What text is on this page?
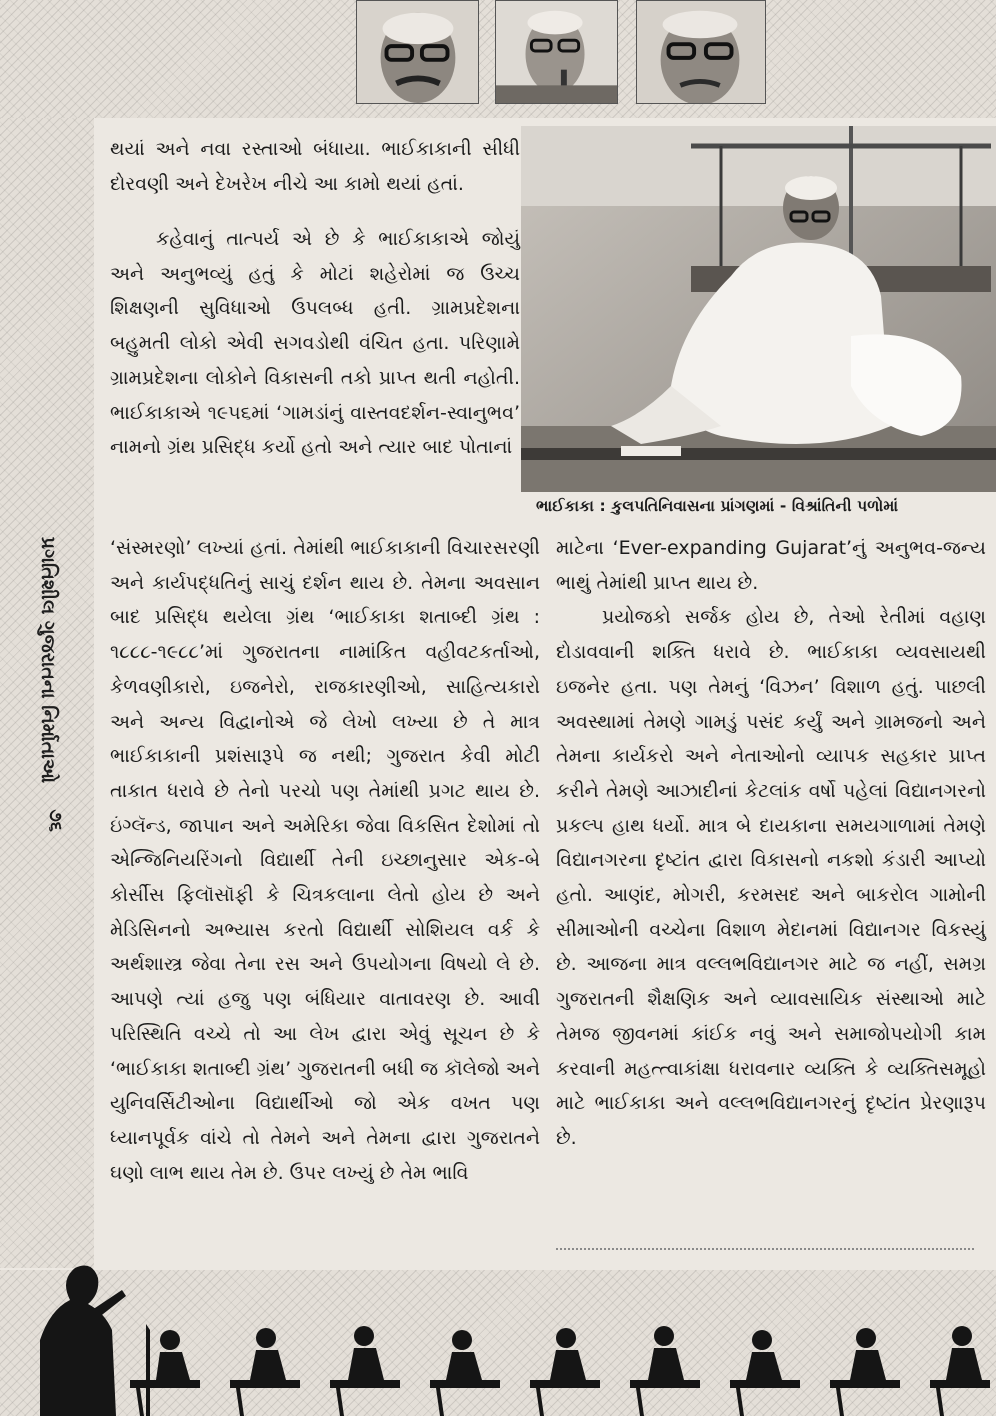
ભાઈકાકા : કુલપતિનિવાસના પ્રાંગણમાં - વિશ્રાંતિની પળોમાં

થયાં અને નવા રસ્તાઓ બંધાયા. ભાઈકાકાની સીધી દોરવણી અને દેખરેખ નીચે આ કામો થયાં હતાં.

કહેવાનું તાત્પર્ય એ છે કે ભાઈકાકાએ જોયું અને અનુભવ્યું હતું કે મોટાં શહેરોમાં જ ઉચ્ચ શિક્ષણની સુવિધાઓ ઉપલબ્ધ હતી. ગ્રામપ્રદેશના બહુમતી લોકો એવી સગવડોથી વંચિત હતા. પરિણામે ગ્રામપ્રદેશના લોકોને વિકાસની તકો પ્રાપ્ત થતી નહોતી. ભાઈકાકાએ ૧૯૫૬માં ‘ગામડાંનું વાસ્તવદર્શન-સ્વાનુભવ’ નામનો ગ્રંથ પ્રસિદ્ધ કર્યો હતો અને ત્યાર બાદ પોતાનાં

‘સંસ્મરણો’ લખ્યાં હતાં. તેમાંથી ભાઈકાકાની વિચારસરણી અને કાર્યપદ્ધતિનું સાચું દર્શન થાય છે. તેમના અવસાન બાદ પ્રસિદ્ધ થયેલા ગ્રંથ ‘ભાઈકાકા શતાબ્દી ગ્રંથ : ૧૮૮૮-૧૯૮૮’માં ગુજરાતના નામાંકિત વહીવટકર્તાઓ, કેળવણીકારો, ઇજનેરો, રાજકારણીઓ, સાહિત્યકારો અને અન્ય વિદ્વાનોએ જે લેખો લખ્યા છે તે માત્ર ભાઈકાકાની પ્રશંસારૂપે જ નથી; ગુજરાત કેવી મોટી તાકાત ધરાવે છે તેનો પરચો પણ તેમાંથી પ્રગટ થાય છે. ઇંગ્લૅન્ડ, જાપાન અને અમેરિકા જેવા વિકસિત દેશોમાં તો એન્જિનિયરિંગનો વિદ્યાર્થી તેની ઇચ્છાનુસાર એક-બે કોર્સીસ ફિલૉસૉફી કે ચિત્રકલાના લેતો હોય છે અને મેડિસિનનો અભ્યાસ કરતો વિદ્યાર્થી સોશિયલ વર્ક કે અર્થશાસ્ત્ર જેવા તેના રસ અને ઉપયોગના વિષયો લે છે. આપણે ત્યાં હજુ પણ બંધિયાર વાતાવરણ છે. આવી પરિસ્થિતિ વચ્ચે તો આ લેખ દ્વારા એવું સૂચન છે કે ‘ભાઈકાકા શતાબ્દી ગ્રંથ’ ગુજરાતની બધી જ કૉલેજો અને યુનિવર્સિટીઓના વિદ્યાર્થીઓ જો એક વખત પણ ધ્યાનપૂર્વક વાંચે તો તેમને અને તેમના દ્વારા ગુજરાતને ઘણો લાભ થાય તેમ છે. ઉપર લખ્યું છે તેમ ભાવિ

માટેના ‘Ever-expanding Gujarat’નું અનુભવ-જન્ય ભાથું તેમાંથી પ્રાપ્ત થાય છે.

પ્રયોજકો સર્જક હોય છે, તેઓ રેતીમાં વહાણ દોડાવવાની શક્તિ ધરાવે છે. ભાઈકાકા વ્યવસાયથી ઇજનેર હતા. પણ તેમનું ‘વિઝન’ વિશાળ હતું. પાછલી અવસ્થામાં તેમણે ગામડું પસંદ કર્યું અને ગ્રામજનો અને તેમના કાર્યકરો અને નેતાઓનો વ્યાપક સહકાર પ્રાપ્ત કરીને તેમણે આઝાદીનાં કેટલાંક વર્ષો પહેલાં વિદ્યાનગરનો પ્રકલ્પ હાથ ધર્યો. માત્ર બે દાયકાના સમયગાળામાં તેમણે વિદ્યાનગરના દૃષ્ટાંત દ્વારા વિકાસનો નકશો કંડારી આપ્યો હતો. આણંદ, મોગરી, કરમસદ અને બાકરોલ ગામોની સીમાઓની વચ્ચેના વિશાળ મેદાનમાં વિદ્યાનગર વિકસ્યું છે. આજના માત્ર વલ્લભવિદ્યાનગર માટે જ નહીં, સમગ્ર ગુજરાતની શૈક્ષણિક અને વ્યાવસાયિક સંસ્થાઓ માટે તેમજ જીવનમાં કાંઈક નવું અને સમાજોપયોગી કામ કરવાની મહત્ત્વાકાંક્ષા ધરાવનાર વ્યક્તિ કે વ્યક્તિસમૂહો માટે ભાઈકાકા અને વલ્લભવિદ્યાનગરનું દૃષ્ટાંત પ્રેરણારૂપ છે.

પ્રગતિશીલ ગુજરાતના નિર્માતાઓ
૭૬
